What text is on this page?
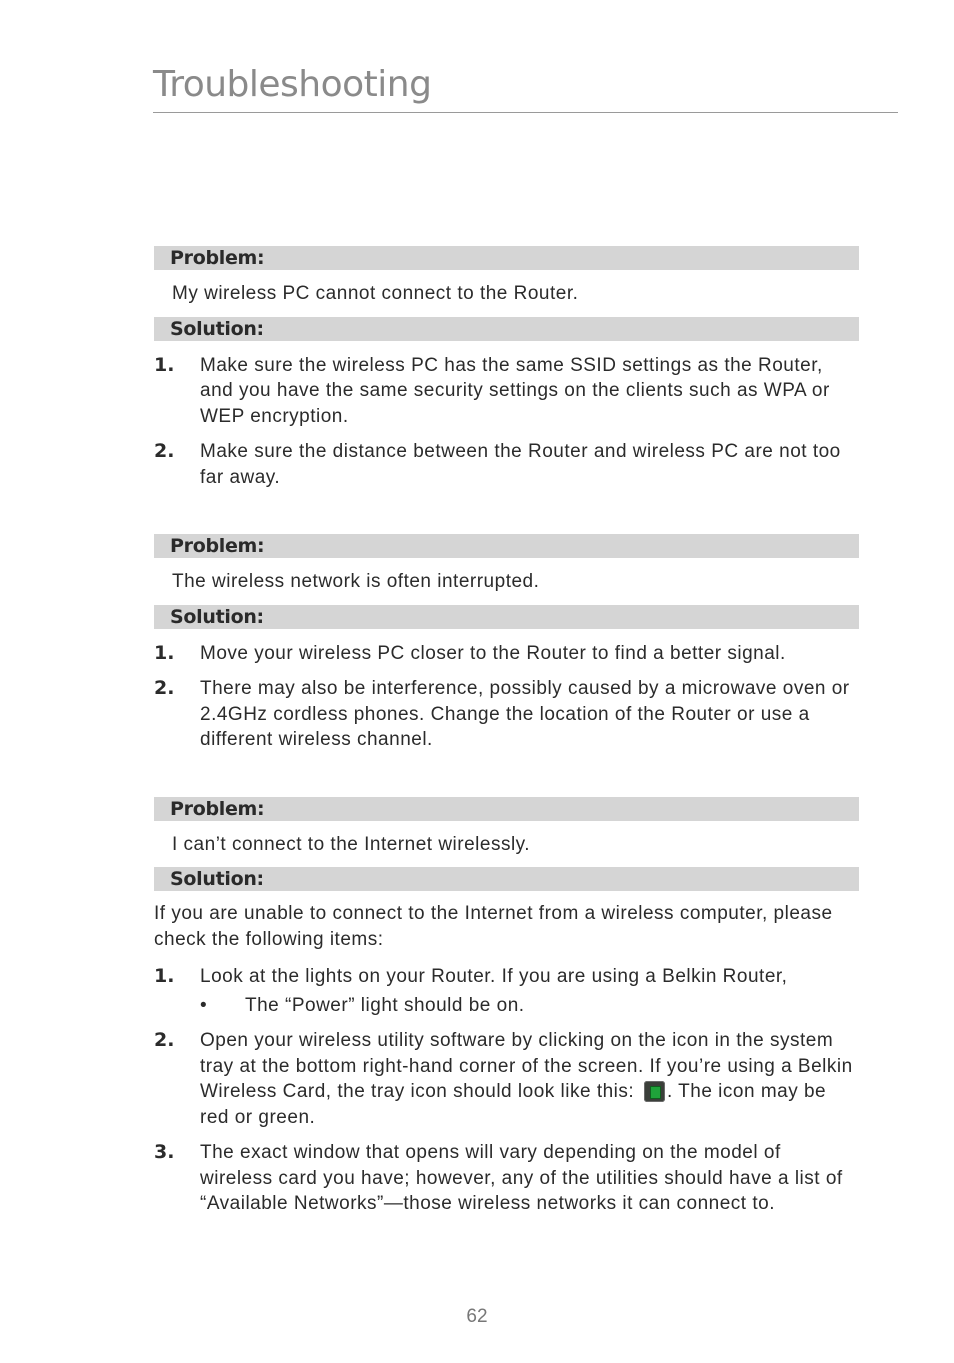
Troubleshooting
Problem:
My wireless PC cannot connect to the Router.
Solution:
1.	Make sure the wireless PC has the same SSID settings as the Router, and you have the same security settings on the clients such as WPA or WEP encryption.
2.	Make sure the distance between the Router and wireless PC are not too far away.
Problem:
The wireless network is often interrupted.
Solution:
1.	Move your wireless PC closer to the Router to find a better signal.
2.	There may also be interference, possibly caused by a microwave oven or 2.4GHz cordless phones. Change the location of the Router or use a different wireless channel.
Problem:
I can’t connect to the Internet wirelessly.
Solution:
If you are unable to connect to the Internet from a wireless computer, please check the following items:
1.	Look at the lights on your Router. If you are using a Belkin Router,
•	The “Power” light should be on.
2.	Open your wireless utility software by clicking on the icon in the system tray at the bottom right-hand corner of the screen. If you’re using a Belkin Wireless Card, the tray icon should look like this: . The icon may be red or green.
3.	The exact window that opens will vary depending on the model of wireless card you have; however, any of the utilities should have a list of “Available Networks”—those wireless networks it can connect to.
62
